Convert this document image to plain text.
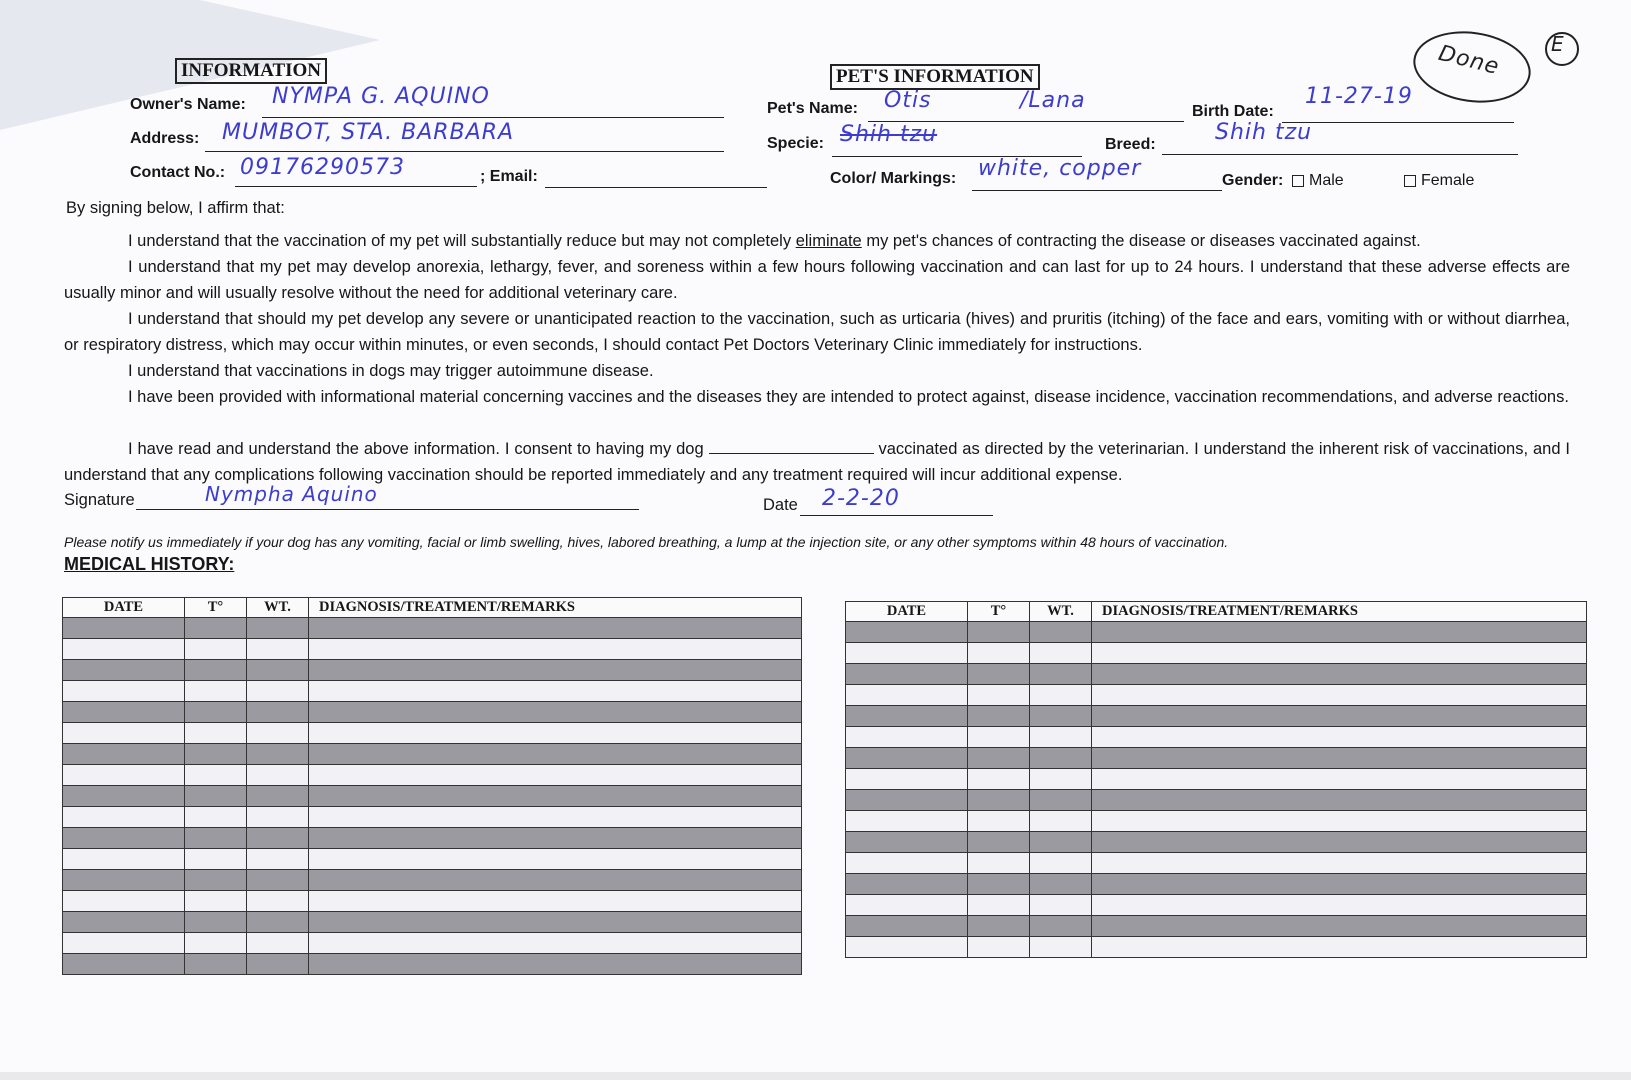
INFORMATION	PET'S INFORMATION
Owner's Name: NYMPA G. AQUINO
Address: MUMBOT, STA. BARBARA
Contact No.: 09176290573	; Email:
Pet's Name: Otis	/Lana	Birth Date:
11-27-19
Specie: Shih tzu	Breed:	Shih tzu
Color/ Markings: white, copper	Gender:	Male	Female
By signing below, I affirm that:
I understand that the vaccination of my pet will substantially reduce but may not completely eliminate my pet's chances of contracting the disease or diseases vaccinated against.
I understand that my pet may develop anorexia, lethargy, fever, and soreness within a few hours following vaccination and can last for up to 24 hours. I understand that these adverse effects are usually minor and will usually resolve without the need for additional veterinary care.
I understand that should my pet develop any severe or unanticipated reaction to the vaccination, such as urticaria (hives) and pruritis (itching) of the face and ears, vomiting with or without diarrhea, or respiratory distress, which may occur within minutes, or even seconds, I should contact Pet Doctors Veterinary Clinic immediately for instructions.
I understand that vaccinations in dogs may trigger autoimmune disease.
I have been provided with informational material concerning vaccines and the diseases they are intended to protect against, disease incidence, vaccination recommendations, and adverse reactions.
I have read and understand the above information. I consent to having my dog	vaccinated as directed by the veterinarian. I understand the inherent risk of vaccinations, and I understand that any complications following vaccination should be reported immediately and any treatment required will incur additional expense.
Signature	Nympha Aquino	Date 2-2-20
Please notify us immediately if your dog has any vomiting, facial or limb swelling, hives, labored breathing, a lump at the injection site, or any other symptoms within 48 hours of vaccination.
MEDICAL HISTORY:
DATE	T°	WT.	DIAGNOSIS/TREATMENT/REMARKS

				DATE	T°	WT.	DIAGNOSIS/TREATMENT/REMARKS

Done E
